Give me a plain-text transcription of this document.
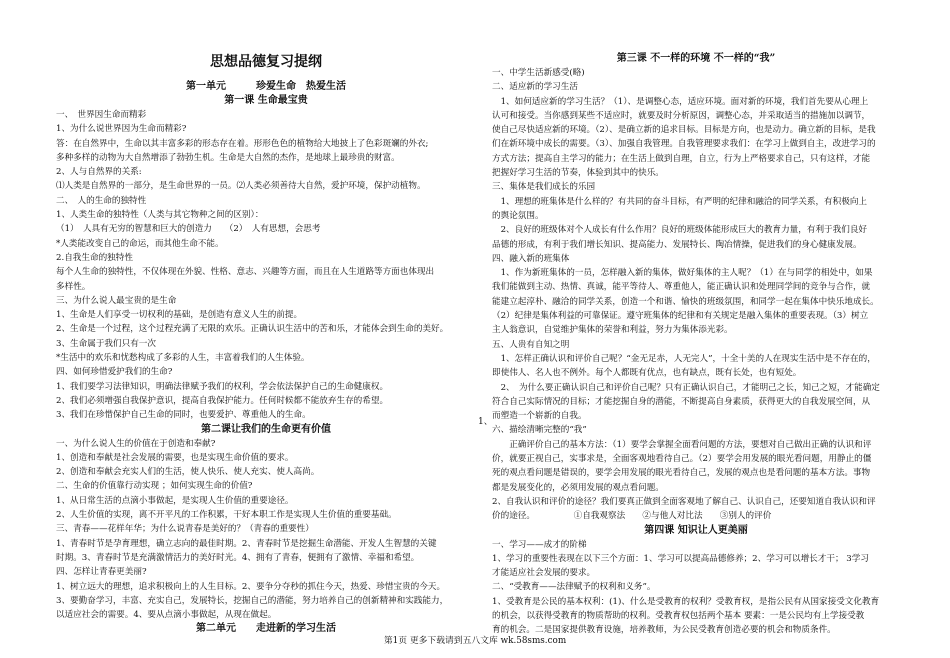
思想品德复习提纲
第一单元　　　珍爱生命　热爱生活
第一课 生命最宝贵
一、　世界因生命而精彩
1、为什么说世界因为生命而精彩?
答：在自然界中，生命以其丰富多彩的形态存在着。形形色色的植物给大地披上了色彩斑斓的外衣;
多种多样的动物为大自然增添了勃勃生机。生命是大自然的杰作，是地球上最珍贵的财富。
2、人与自然界的关系:
⑴人类是自然界的一部分，是生命世界的一员。⑵人类必须善待大自然，爱护环境，保护动植物。
二、　人的生命的独特性
1、人类生命的独特性（人类与其它物种之间的区别）：
（1）　人具有无穷的智慧和巨大的创造力　　（2）　人有思想，会思考
*人类能改变自己的命运，而其他生命不能。
2.自我生命的独特性
每个人生命的独特性，不仅体现在外貌、性格、意志、兴趣等方面，而且在人生道路等方面也体现出
多样性。
三、为什么说人最宝贵的是生命
1、生命是人们享受一切权利的基础，是创造有意义人生的前提。
2、生命是一个过程，这个过程充满了无限的欢乐。正确认识生活中的苦和乐，才能体会到生命的美好。
3、生命属于我们只有一次
*生活中的欢乐和忧愁构成了多彩的人生，丰富着我们的人生体验。
四、如何珍惜爱护我们的生命?
1、我们要学习法律知识，明确法律赋予我们的权利，学会依法保护自己的生命健康权。
2、我们必须增强自我保护意识，提高自我保护能力。任何时候都不能放弃生存的希望。
3、我们在珍惜保护自己生命的同时，也要爱护、尊重他人的生命。
第二课让我们的生命更有价值
一、为什么说人生的价值在于创造和奉献?
1、创造和奉献是社会发展的需要，也是实现生命价值的要求。
2、创造和奉献会充实人们的生活，使人快乐、使人充实、使人高尚。
二、生命的价值靠行动实现 ；如何实现生命的价值?
1、从日常生活的点滴小事做起，是实现人生价值的重要途径。
2、人生价值的实现，离不开平凡的工作积累，干好本职工作是实现人生价值的重要基础。
三、青春——花样年华；为什么说青春是美好的？（青春的重要性）
1、青春时节是孕育理想，确立志向的最佳时期。2、青春时节是挖掘生命潜能、开发人生智慧的关键
时期。3、青春时节是充满激情活力的美好时光。4、拥有了青春，便拥有了激情、幸福和希望。
四、怎样让青春更美丽?
1、树立远大的理想，追求积极向上的人生目标。2、要争分夺秒的抓住今天，热爱、珍惜宝贵的今天。
3、要勤奋学习，丰富、充实自己，发展特长，挖掘自己的潜能，努力培养自己的创新精神和实践能力，
以适应社会的需要。4、要从点滴小事做起，从现在做起。
第二单元　　走进新的学习生活
第三课 不一样的环境 不一样的“我”
一、中学生活新感受(略)
二、适应新的学习生活
　1、如何适应新的学习生活？（1）、是调整心态，适应环境。面对新的环境，我们首先要从心理上
认可和接受。当你感到某些不适应时，就要及时分析原因，调整心态，并采取适当的措施加以调节，
使自己尽快适应新的环境。（2）、是确立新的追求目标。目标是方向，也是动力。确立新的目标，是我
们在新环境中成长的需要。（3）、加强自我管理。自我管理要求我们：在学习上做到自主，改进学习的
方式方法；提高自主学习的能力；在生活上做到自理，自立，行为上严格要求自己，只有这样，才能
把握好学习生活的节奏，体验到其中的快乐。
三、集体是我们成长的乐园
　1、理想的班集体是什么样的？有共同的奋斗目标，有严明的纪律和融洽的同学关系，有积极向上
的舆论氛围。
　2、良好的班级体对个人成长有什么作用？良好的班级体能形成巨大的教育力量，有利于我们良好
品德的形成，有利于我们增长知识、提高能力、发展特长、陶冶情操，促进我们的身心健康发展。
四、融入新的班集体
　1、作为新班集体的一员，怎样融入新的集体，做好集体的主人呢？（1）在与同学的相处中，如果
我们能做到主动、热情、真诚，能平等待人、尊重他人，能正确认识和处理同学间的竞争与合作，就
能建立起淳朴、融洽的同学关系，创造一个和谐、愉快的班级氛围，和同学一起在集体中快乐地成长。
（2）纪律是集体利益的可靠保证。遵守班集体的纪律和有关规定是融入集体的重要表现。（3）树立
主人翁意识，自觉维护集体的荣誉和利益，努力为集体添光彩。
五、人贵有自知之明
　1、怎样正确认识和评价自己呢？“金无足赤，人无完人”，十全十美的人在现实生活中是不存在的，
即使伟人、名人也不例外。每个人都既有优点，也有缺点，既有长处，也有短处。
　2、　为什么要正确认识自己和评价自己呢？只有正确认识自己，才能明己之长，知己之短，才能确定
符合自己实际情况的目标；才能挖掘自身的潜能，不断提高自身素质，获得更大的自我发展空间，从
而塑造一个崭新的自我。
六、描绘清晰完整的“我”
　　正确评价自己的基本方法：（1）要学会掌握全面看问题的方法，要想对自己做出正确的认识和评
价，就要正视自己，实事求是，全面客观地看待自己。（2）要学会用发展的眼光看问题，用静止的僵
死的观点看问题是错误的，要学会用发展的眼光看待自己，发展的观点也是看问题的基本方法。事物
都是发展变化的，必须用发展的观点看问题。
2、自我认识和评价的途径？我们要真正做到全面客观地了解自己、认识自己，还要知道自我认识和评
价的途径。　　　　　①自我观察法　　②与他人对比法　　③别人的评价
第四课 知识让人更美丽
一、学习——成才的阶梯
1、学习的重要性表现在以下三个方面：1、学习可以提高品德修养；2、学习可以增长才干； 3学习
才能适应社会发展的要求。
二、“受教育——法律赋予的权利和义务”。
1、受教育是公民的基本权利：(1)、什么是受教育的权利？受教育权，是指公民有从国家接受文化教育
的机会，以获得受教育的物质帮助的权利。受教育权包括两个基本 要素：一是公民均有上学接受教
育的机会。二是国家提供教育设施，培养教师，为公民受教育创造必要的机会和物质条件。
1、
第1页 更多下载请到五八文库 wk.58sms.com
